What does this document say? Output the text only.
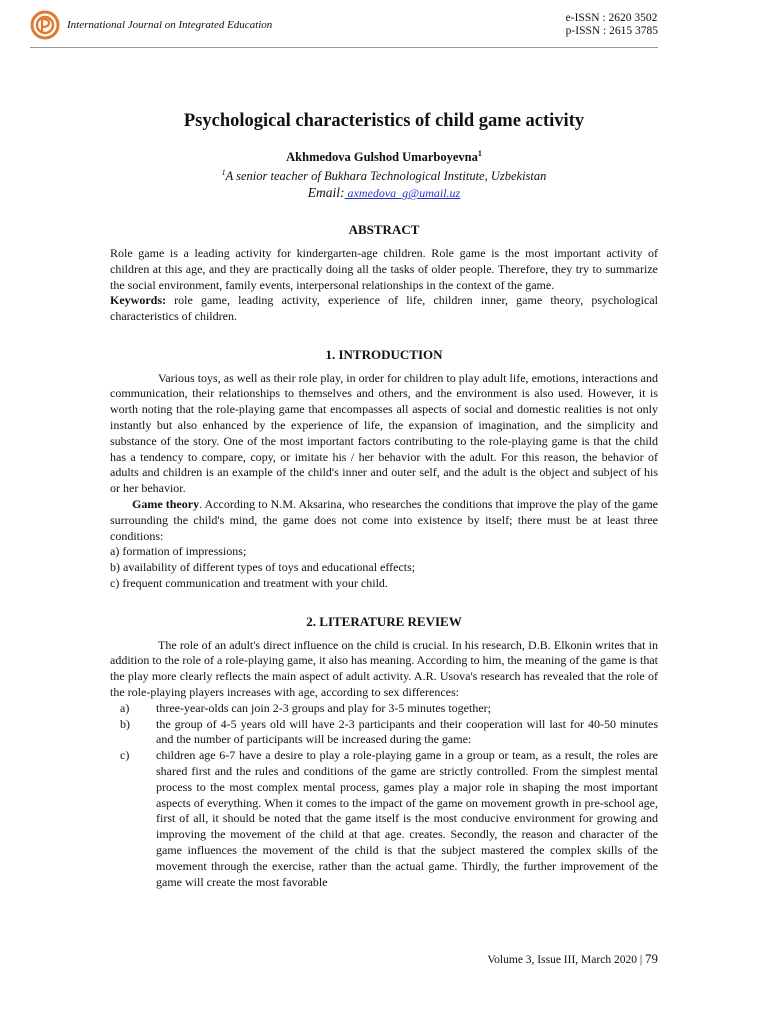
International Journal on Integrated Education
e-ISSN : 2620 3502
p-ISSN : 2615 3785
Psychological characteristics of child game activity
Akhmedova Gulshod Umarboyevna$^1$
$^1$A senior teacher of Bukhara Technological Institute, Uzbekistan
Email: axmedova_g@umail.uz
ABSTRACT

Role game is a leading activity for kindergarten-age children. Role game is the most important activity of children at this age, and they are practically doing all the tasks of older people. Therefore, they try to summarize the social environment, family events, interpersonal relationships in the context of the game.

Keywords: role game, leading activity, experience of life, children inner, game theory, psychological characteristics of children.

1. INTRODUCTION

Various toys, as well as their role play, in order for children to play adult life, emotions, interactions and communication, their relationships to themselves and others, and the environment is also used. However, it is worth noting that the role-playing game that encompasses all aspects of social and domestic realities is not only instantly but also enhanced by the experience of life, the expansion of imagination, and the simplicity and substance of the story. One of the most important factors contributing to the role-playing game is that the child has a tendency to compare, copy, or imitate his / her behavior with the adult. For this reason, the behavior of adults and children is an example of the child's inner and outer self, and the adult is the object and subject of his or her behavior.

Game theory. According to N.M. Aksarina, who researches the conditions that improve the play of the game surrounding the child's mind, the game does not come into existence by itself; there must be at least three conditions:

a) formation of impressions;

b) availability of different types of toys and educational effects;

c) frequent communication and treatment with your child.

2. LITERATURE REVIEW

The role of an adult's direct influence on the child is crucial. In his research, D.B. Elkonin writes that in addition to the role of a role-playing game, it also has meaning. According to him, the meaning of the game is that the play more clearly reflects the main aspect of adult activity. A.R. Usova's research has revealed that the role of the role-playing players increases with age, according to sex differences:

a)	three-year-olds can join 2-3 groups and play for 3-5 minutes together;
b)	the group of 4-5 years old will have 2-3 participants and their cooperation will last for 40-50 minutes and the number of participants will be increased during the game:
c)	children age 6-7 have a desire to play a role-playing game in a group or team, as a result, the roles are shared first and the rules and conditions of the game are strictly controlled. From the simplest mental process to the most complex mental process, games play a major role in shaping the most important aspects of everything. When it comes to the impact of the game on movement growth in pre-school age, first of all, it should be noted that the game itself is the most conducive environment for growing and improving the movement of the child at that age. creates. Secondly, the reason and character of the game influences the movement of the child is that the subject mastered the complex skills of the movement through the exercise, rather than the actual game. Thirdly, the further improvement of the game will create the most favorable
Volume 3, Issue III, March 2020 | 79
